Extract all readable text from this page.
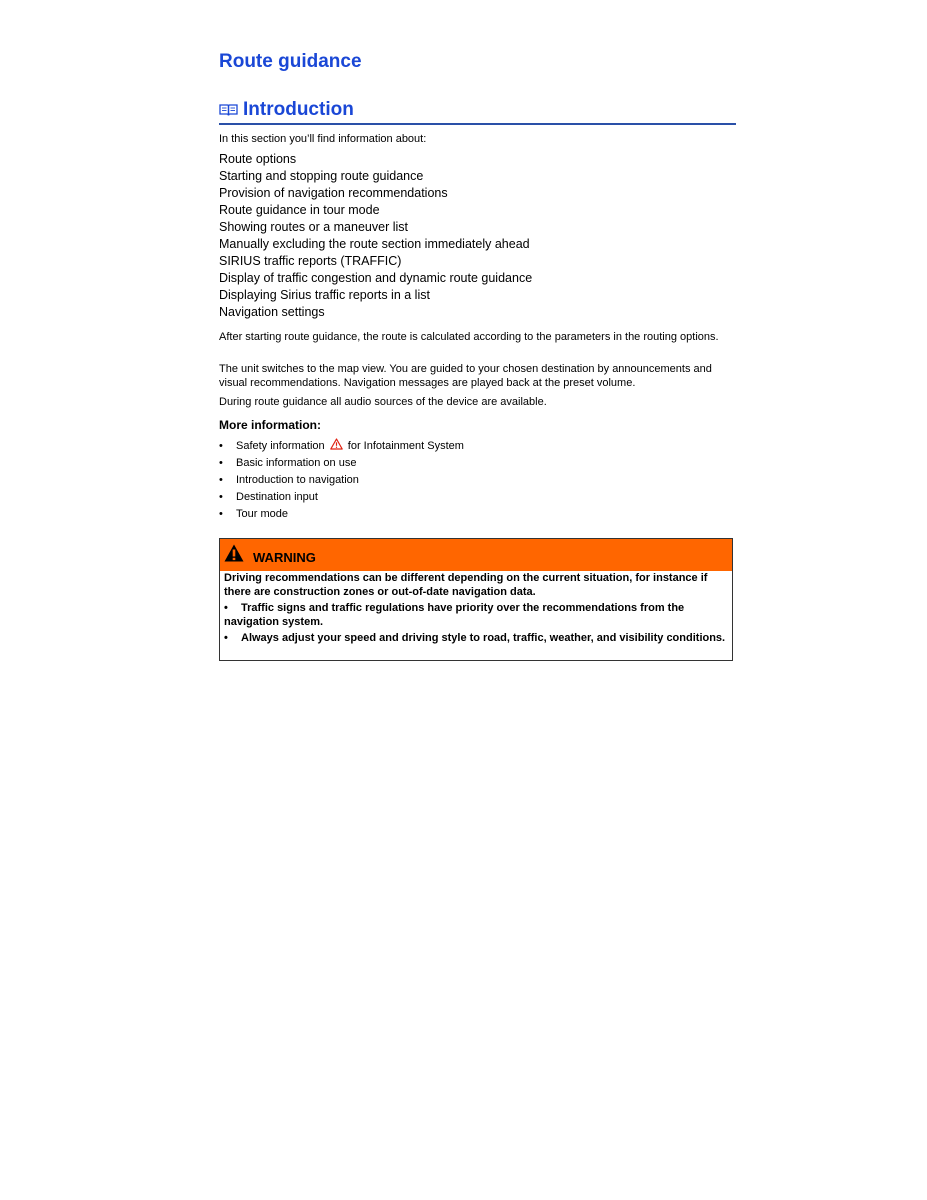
Route guidance
Introduction
In this section you’ll find information about:
Route options
Starting and stopping route guidance
Provision of navigation recommendations
Route guidance in tour mode
Showing routes or a maneuver list
Manually excluding the route section immediately ahead
SIRIUS traffic reports (TRAFFIC)
Display of traffic congestion and dynamic route guidance
Displaying Sirius traffic reports in a list
Navigation settings

After starting route guidance, the route is calculated according to the parameters in the routing options.

The unit switches to the map view. You are guided to your chosen destination by announcements and visual recommendations. Navigation messages are played back at the preset volume.

During route guidance all audio sources of the device are available.

More information:
• Safety information for Infotainment System
• Basic information on use
• Introduction to navigation
• Destination input
• Tour mode
WARNING

Driving recommendations can be different depending on the current situation, for instance if there are construction zones or out-of-date navigation data.

• Traffic signs and traffic regulations have priority over the recommendations from the navigation system.

• Always adjust your speed and driving style to road, traffic, weather, and visibility conditions.
